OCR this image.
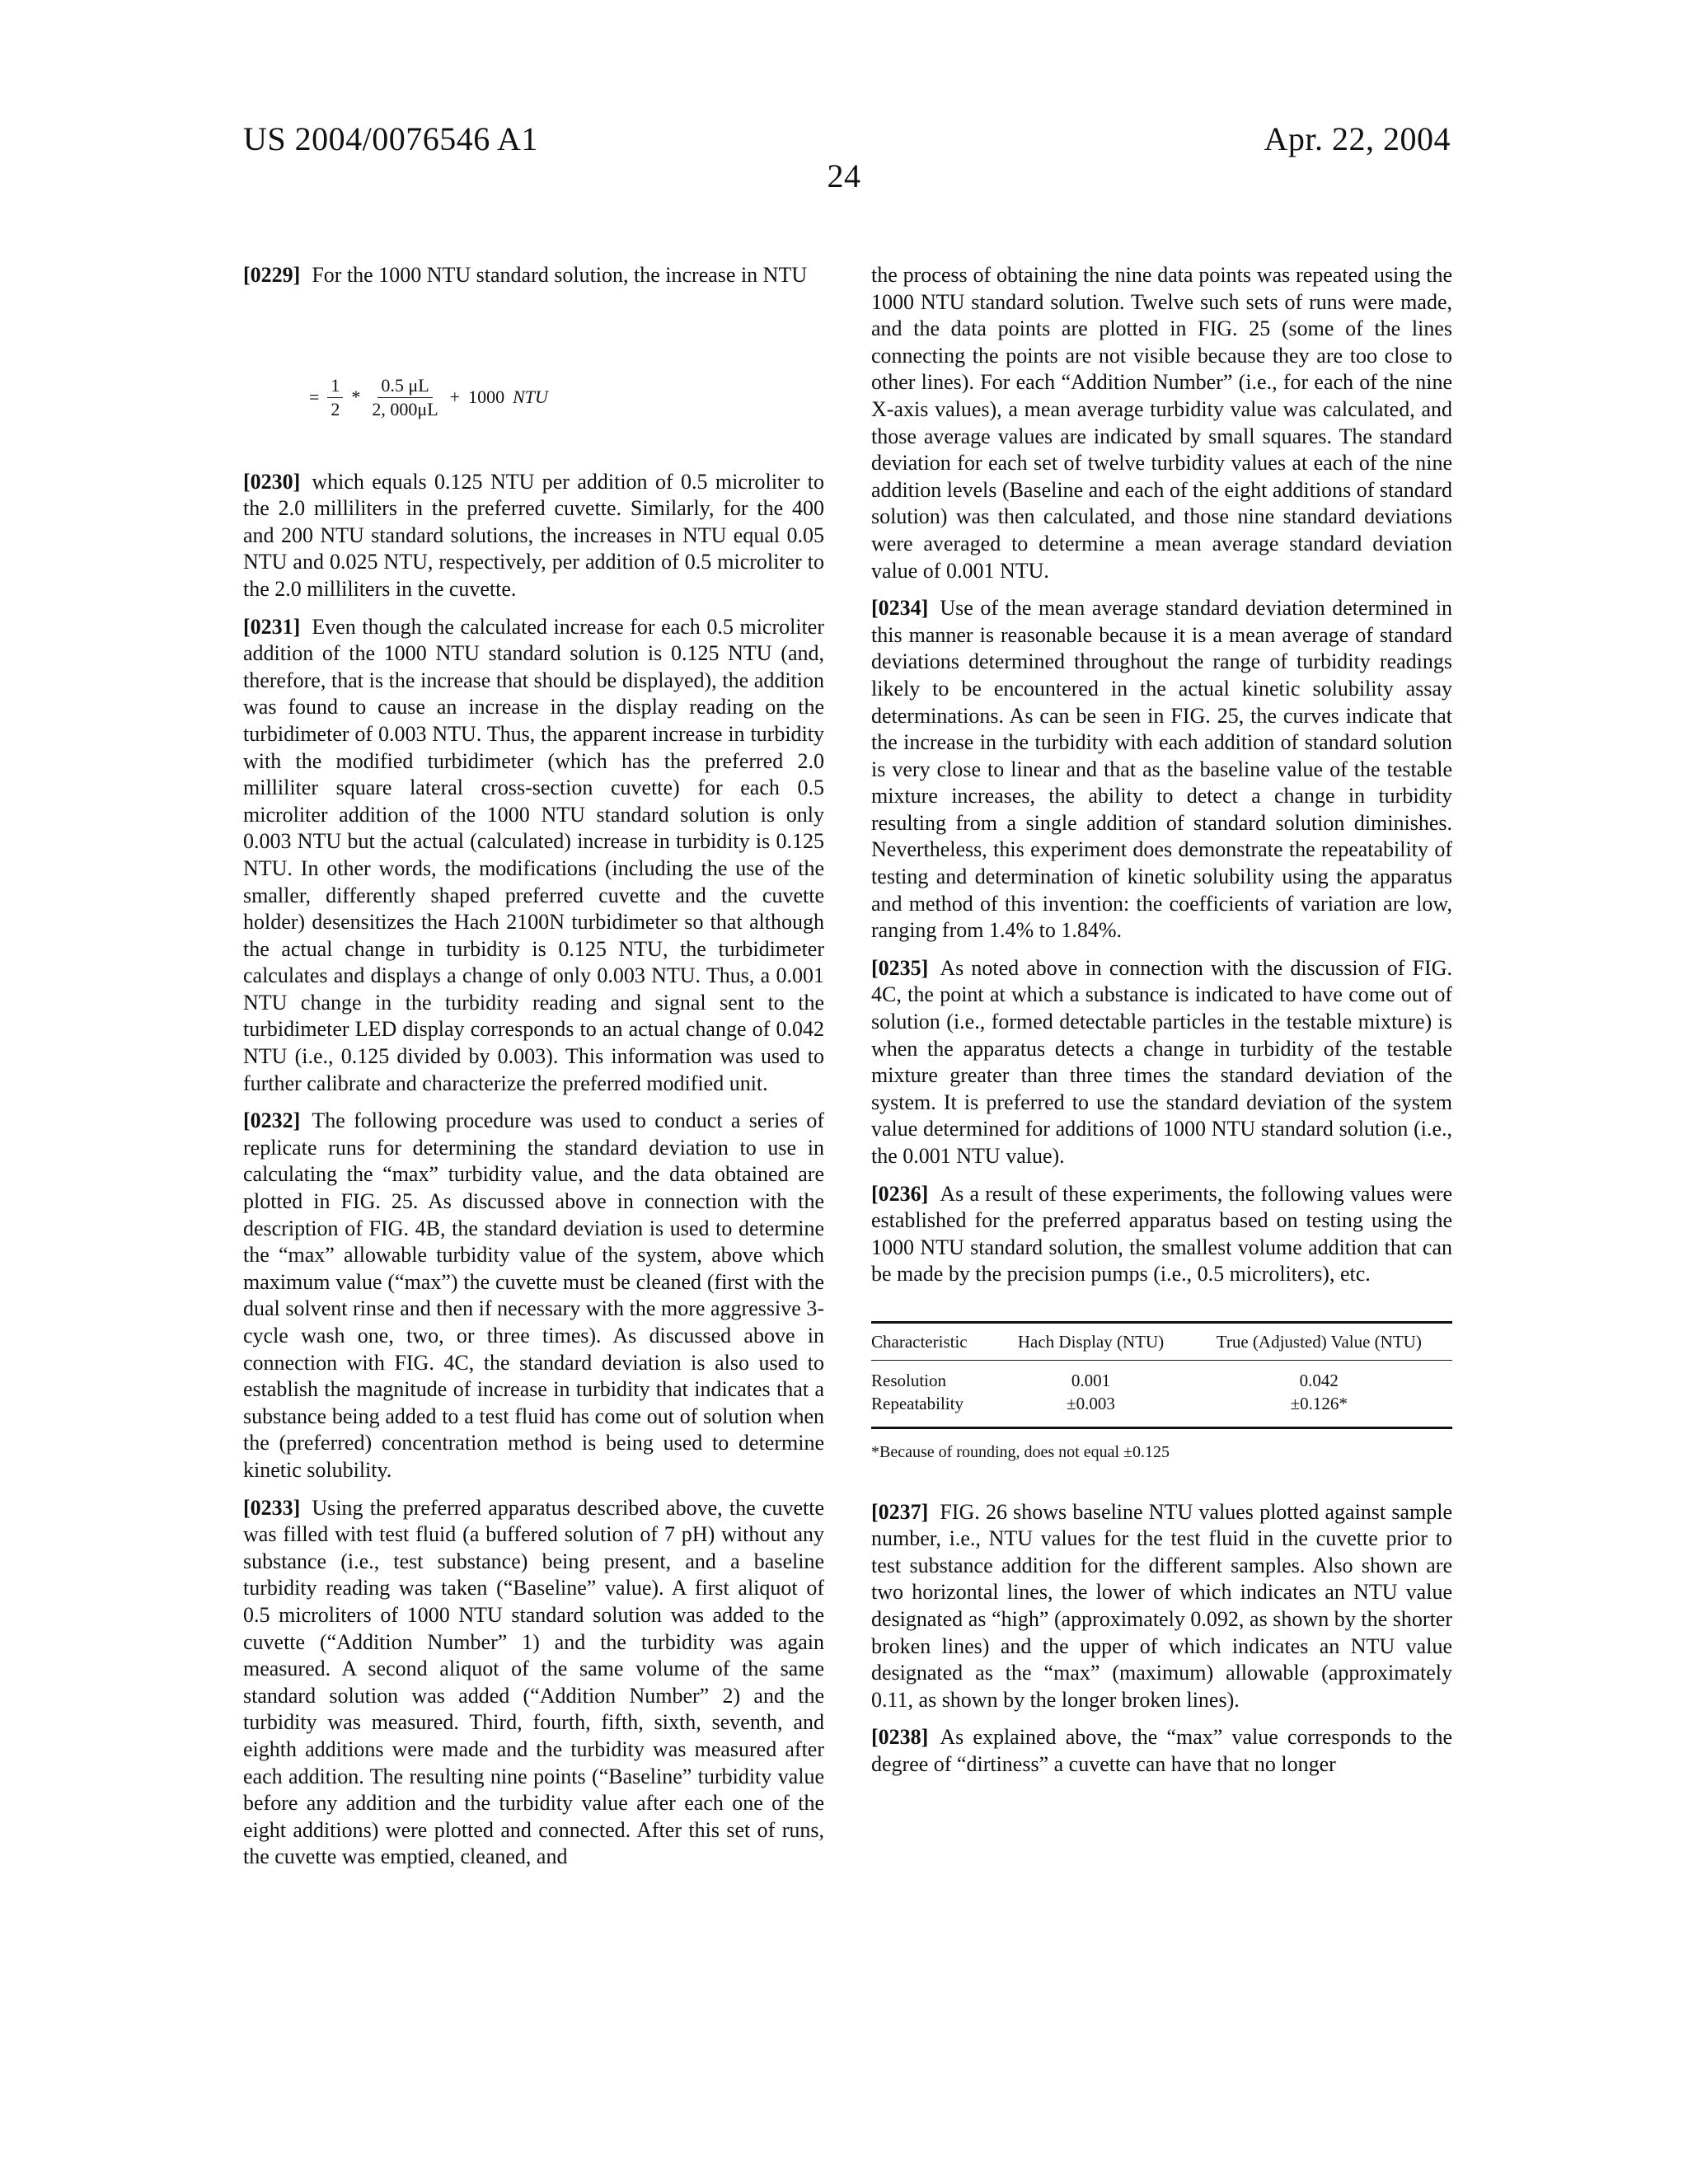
US 2004/0076546 A1	Apr. 22, 2004
24

[0229] For the 1000 NTU standard solution, the increase in NTU

= $\frac{1}{2} * \frac{0.5 \mu L}{2, 000\mu L} + 1000$ NTU

[0230] which equals 0.125 NTU per addition of 0.5 microliter to the 2.0 milliliters in the preferred cuvette. Similarly, for the 400 and 200 NTU standard solutions, the increases in NTU equal 0.05 NTU and 0.025 NTU, respectively, per addition of 0.5 microliter to the 2.0 milliliters in the cuvette.

[0231] Even though the calculated increase for each 0.5 microliter addition of the 1000 NTU standard solution is 0.125 NTU (and, therefore, that is the increase that should be displayed), the addition was found to cause an increase in the display reading on the turbidimeter of 0.003 NTU. Thus, the apparent increase in turbidity with the modified turbidimeter (which has the preferred 2.0 milliliter square lateral cross-section cuvette) for each 0.5 microliter addition of the 1000 NTU standard solution is only 0.003 NTU but the actual (calculated) increase in turbidity is 0.125 NTU. In other words, the modifications (including the use of the smaller, differently shaped preferred cuvette and the cuvette holder) desensitizes the Hach 2100N turbidimeter so that although the actual change in turbidity is 0.125 NTU, the turbidimeter calculates and displays a change of only 0.003 NTU. Thus, a 0.001 NTU change in the turbidity reading and signal sent to the turbidimeter LED display corresponds to an actual change of 0.042 NTU (i.e., 0.125 divided by 0.003). This information was used to further calibrate and characterize the preferred modified unit.

[0232] The following procedure was used to conduct a series of replicate runs for determining the standard deviation to use in calculating the “max” turbidity value, and the data obtained are plotted in FIG. 25. As discussed above in connection with the description of FIG. 4B, the standard deviation is used to determine the “max” allowable turbidity value of the system, above which maximum value (“max”) the cuvette must be cleaned (first with the dual solvent rinse and then if necessary with the more aggressive 3-cycle wash one, two, or three times). As discussed above in connection with FIG. 4C, the standard deviation is also used to establish the magnitude of increase in turbidity that indicates that a substance being added to a test fluid has come out of solution when the (preferred) concentration method is being used to determine kinetic solubility.

[0233] Using the preferred apparatus described above, the cuvette was filled with test fluid (a buffered solution of 7 pH) without any substance (i.e., test substance) being present, and a baseline turbidity reading was taken (“Baseline” value). A first aliquot of 0.5 microliters of 1000 NTU standard solution was added to the cuvette (“Addition Number” 1) and the turbidity was again measured. A second aliquot of the same volume of the same standard solution was added (“Addition Number” 2) and the turbidity was measured. Third, fourth, fifth, sixth, seventh, and eighth additions were made and the turbidity was measured after each addition. The resulting nine points (“Baseline” turbidity value before any addition and the turbidity value after each one of the eight additions) were plotted and connected. After this set of runs, the cuvette was emptied, cleaned, and

the process of obtaining the nine data points was repeated using the 1000 NTU standard solution. Twelve such sets of runs were made, and the data points are plotted in FIG. 25 (some of the lines connecting the points are not visible because they are too close to other lines). For each “Addition Number” (i.e., for each of the nine X-axis values), a mean average turbidity value was calculated, and those average values are indicated by small squares. The standard deviation for each set of twelve turbidity values at each of the nine addition levels (Baseline and each of the eight additions of standard solution) was then calculated, and those nine standard deviations were averaged to determine a mean average standard deviation value of 0.001 NTU.

[0234] Use of the mean average standard deviation determined in this manner is reasonable because it is a mean average of standard deviations determined throughout the range of turbidity readings likely to be encountered in the actual kinetic solubility assay determinations. As can be seen in FIG. 25, the curves indicate that the increase in the turbidity with each addition of standard solution is very close to linear and that as the baseline value of the testable mixture increases, the ability to detect a change in turbidity resulting from a single addition of standard solution diminishes. Nevertheless, this experiment does demonstrate the repeatability of testing and determination of kinetic solubility using the apparatus and method of this invention: the coefficients of variation are low, ranging from 1.4% to 1.84%.

[0235] As noted above in connection with the discussion of FIG. 4C, the point at which a substance is indicated to have come out of solution (i.e., formed detectable particles in the testable mixture) is when the apparatus detects a change in turbidity of the testable mixture greater than three times the standard deviation of the system. It is preferred to use the standard deviation of the system value determined for additions of 1000 NTU standard solution (i.e., the 0.001 NTU value).

[0236] As a result of these experiments, the following values were established for the preferred apparatus based on testing using the 1000 NTU standard solution, the smallest volume addition that can be made by the precision pumps (i.e., 0.5 microliters), etc.

Characteristic	Hach Display (NTU)	True (Adjusted) Value (NTU)
Resolution	0.001	0.042
Repeatability	±0.003	±0.126*
*Because of rounding, does not equal ±0.125

[0237] FIG. 26 shows baseline NTU values plotted against sample number, i.e., NTU values for the test fluid in the cuvette prior to test substance addition for the different samples. Also shown are two horizontal lines, the lower of which indicates an NTU value designated as “high” (approximately 0.092, as shown by the shorter broken lines) and the upper of which indicates an NTU value designated as the “max” (maximum) allowable (approximately 0.11, as shown by the longer broken lines).

[0238] As explained above, the “max” value corresponds to the degree of “dirtiness” a cuvette can have that no longer
